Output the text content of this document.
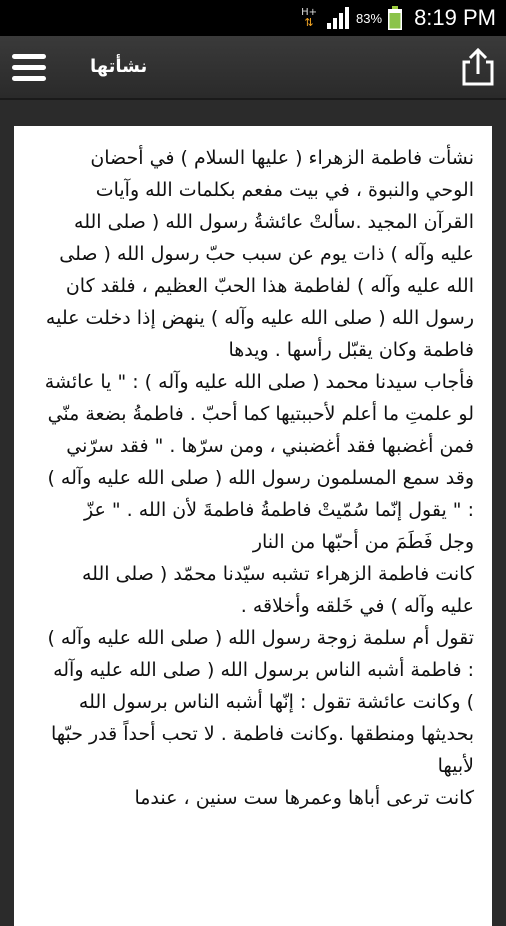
H+
⇅	83% 8:19 PM
نشأتها

نشأت فاطمة الزهراء ( عليها السلام ) في أحضان الوحي والنبوة ، في بيت مفعم بكلمات الله وآيات القرآن المجيد .سألتْ عائشةُ رسول الله ( صلى الله عليه وآله ) ذات يوم عن سبب حبّ رسول الله ( صلى الله عليه وآله ) لفاطمة هذا الحبّ العظيم ، فلقد كان رسول الله ( صلى الله عليه وآله ) ينهض إذا دخلت عليه فاطمة وكان يقبّل رأسها . ويدها

فأجاب سيدنا محمد ( صلى الله عليه وآله ) : " يا عائشة لو علمتِ ما أعلم لأحببتيها كما أحبّ . فاطمةُ بضعة منّي فمن أغضبها فقد أغضبني ، ومن سرّها . " فقد سرّني

وقد سمع المسلمون رسول الله ( صلى الله عليه وآله ) : " يقول إنّما سُمّيتْ فاطمةُ فاطمةَ لأن الله . " عزّ وجل فَطَمَ من أحبّها من النار

كانت فاطمة الزهراء تشبه سيّدنا محمّد ( صلى الله عليه وآله ) في خَلقه وأخلاقه .

تقول أم سلمة زوجة رسول الله ( صلى الله عليه وآله ) : فاطمة أشبه الناس برسول الله ( صلى الله عليه وآله ) وكانت عائشة تقول : إنّها أشبه الناس برسول الله بحديثها ومنطقها .وكانت فاطمة . لا تحب أحداً قدر حبّها لأبيها

كانت ترعى أباها وعمرها ست سنين ، عندما
